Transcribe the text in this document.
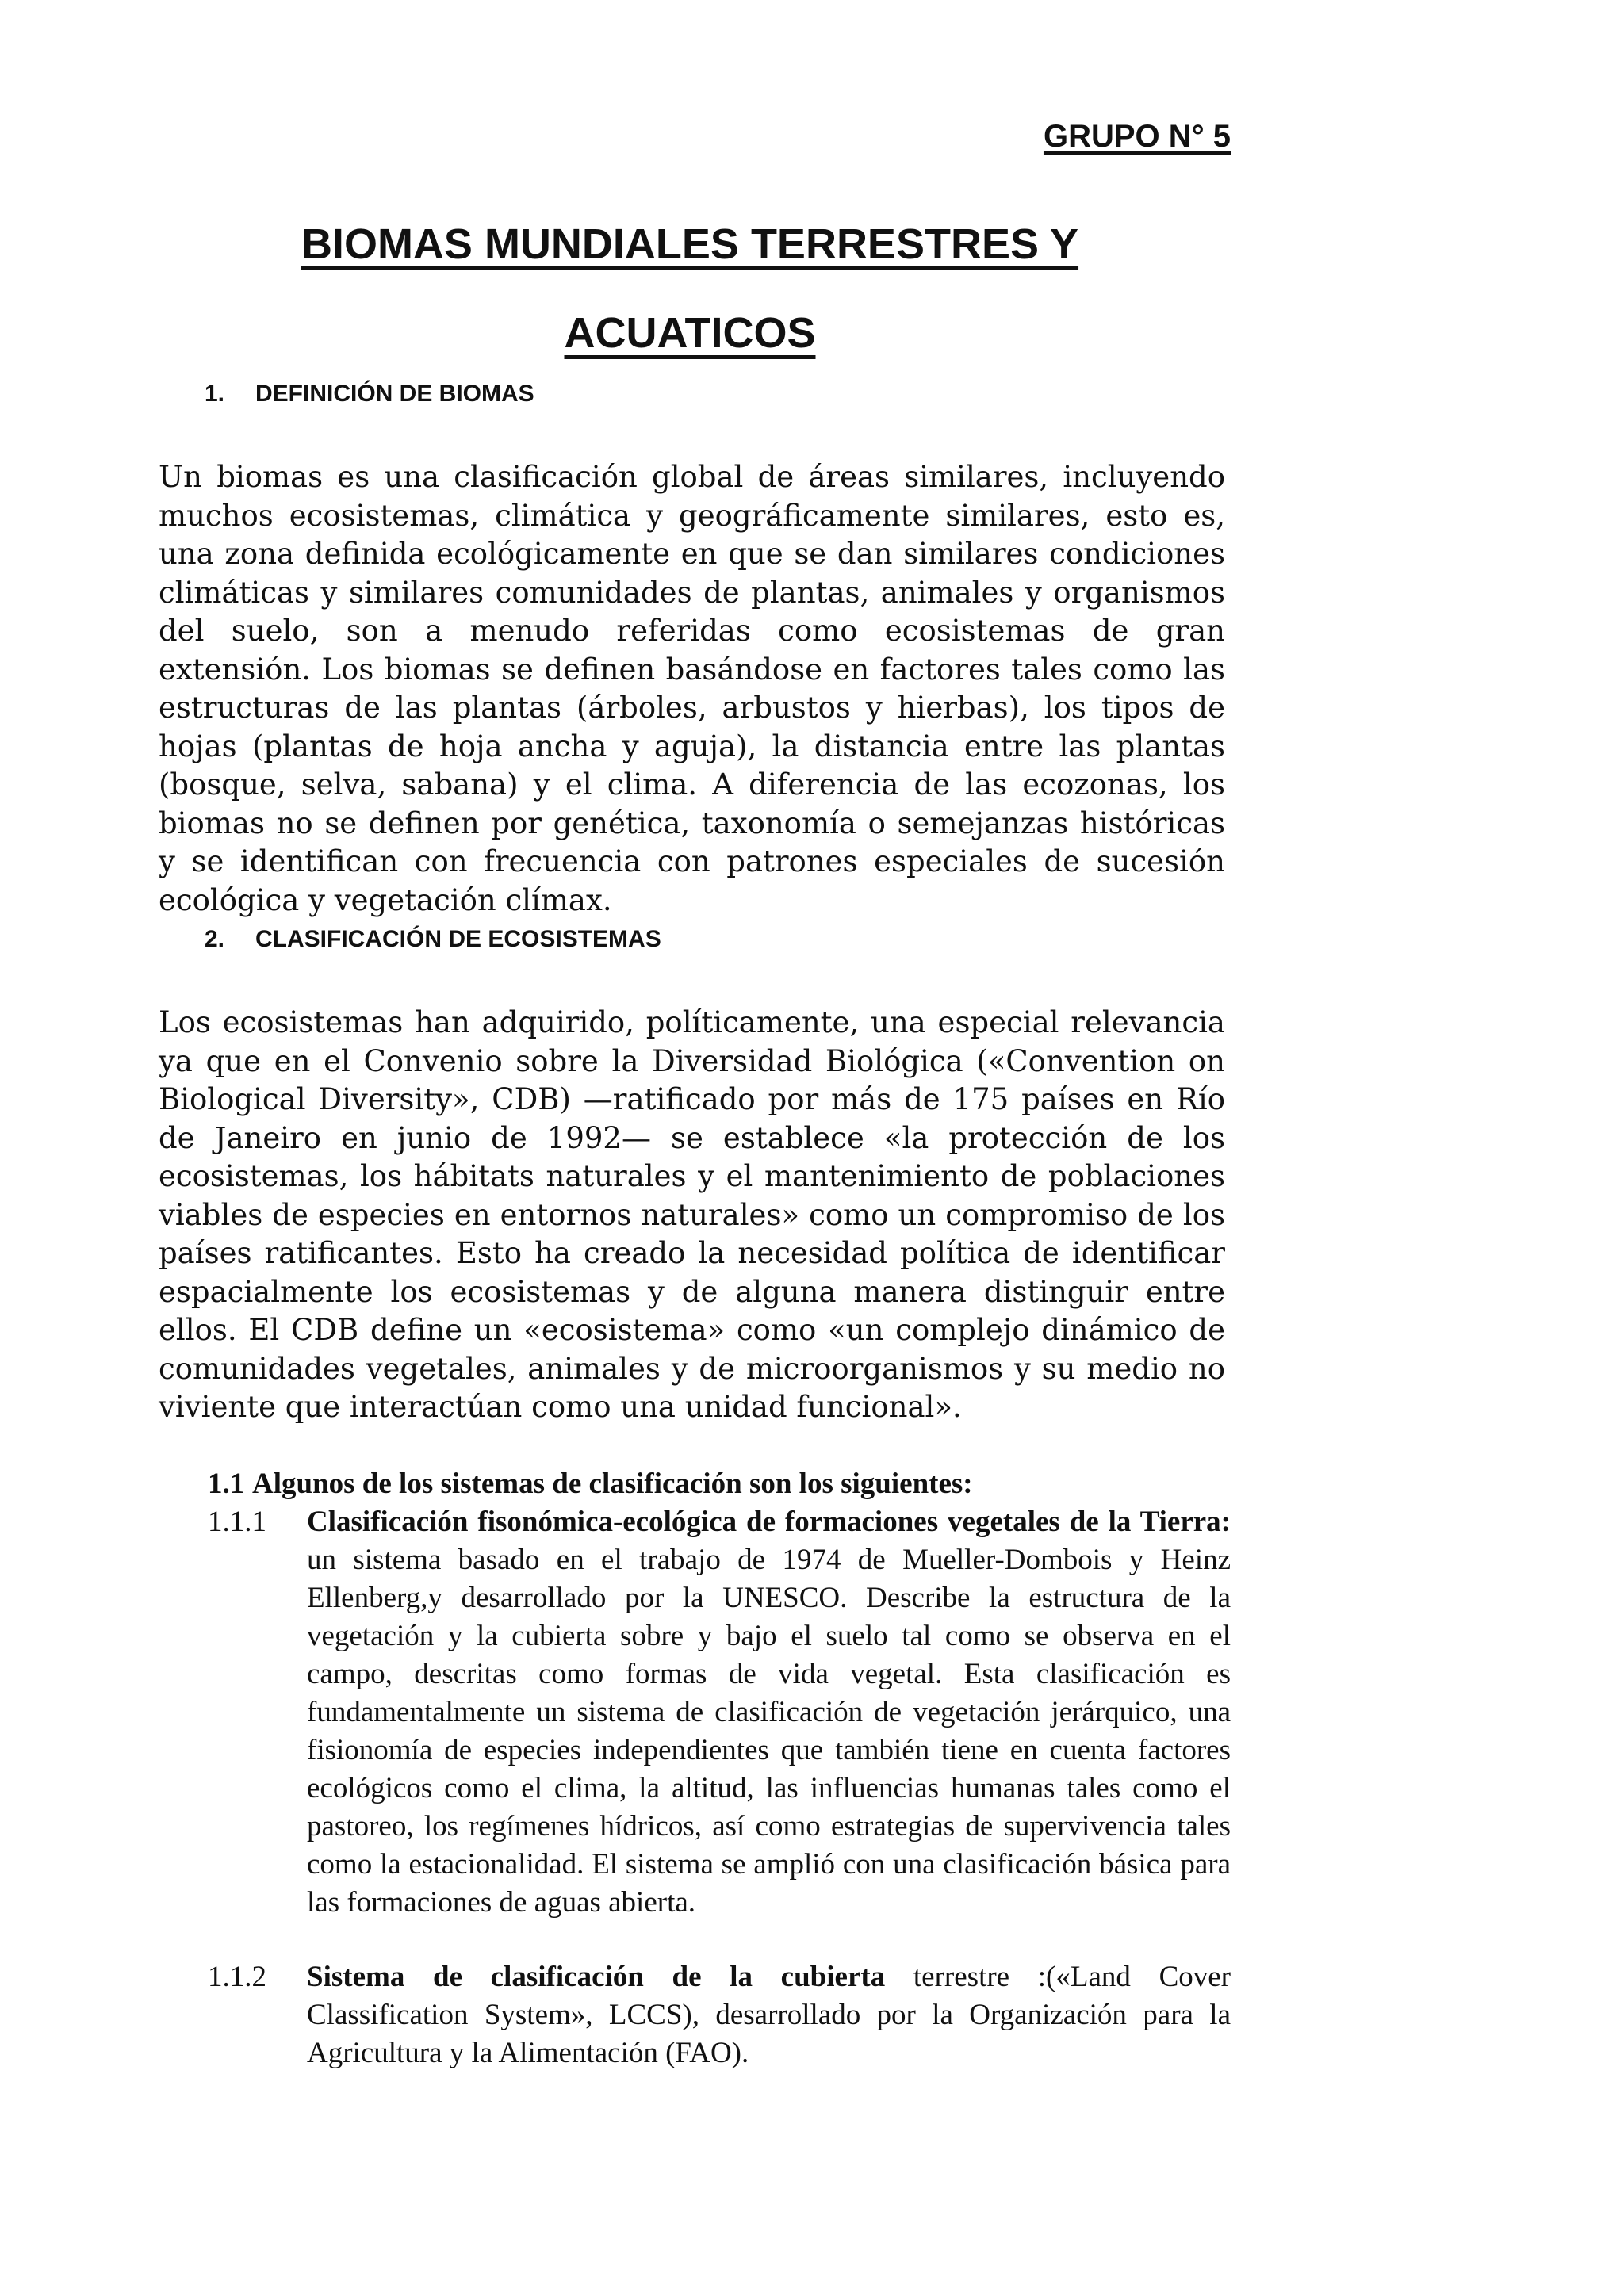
GRUPO N° 5
BIOMAS MUNDIALES TERRESTRES Y
ACUATICOS
1. DEFINICIÓN DE BIOMAS
Un biomas es una clasificación global de áreas similares, incluyendo muchos ecosistemas, climática y geográficamente similares, esto es, una zona definida ecológicamente en que se dan similares condiciones climáticas y similares comunidades de plantas, animales y organismos del suelo, son a menudo referidas como ecosistemas de gran extensión. Los biomas se definen basándose en factores tales como las estructuras de las plantas (árboles, arbustos y hierbas), los tipos de hojas (plantas de hoja ancha y aguja), la distancia entre las plantas (bosque, selva, sabana) y el clima. A diferencia de las ecozonas, los biomas no se definen por genética, taxonomía o semejanzas históricas y se identifican con frecuencia con patrones especiales de sucesión ecológica y vegetación clímax.
2. CLASIFICACIÓN DE ECOSISTEMAS
Los ecosistemas han adquirido, políticamente, una especial relevancia ya que en el Convenio sobre la Diversidad Biológica («Convention on Biological Diversity», CDB) —ratificado por más de 175 países en Río de Janeiro en junio de 1992— se establece «la protección de los ecosistemas, los hábitats naturales y el mantenimiento de poblaciones viables de especies en entornos naturales» como un compromiso de los países ratificantes. Esto ha creado la necesidad política de identificar espacialmente los ecosistemas y de alguna manera distinguir entre ellos. El CDB define un «ecosistema» como «un complejo dinámico de comunidades vegetales, animales y de microorganismos y su medio no viviente que interactúan como una unidad funcional».
1.1 Algunos de los sistemas de clasificación son los siguientes:
1.1.1 Clasificación fisonómica-ecológica de formaciones vegetales de la Tierra: un sistema basado en el trabajo de 1974 de Mueller-Dombois y Heinz Ellenberg,y desarrollado por la UNESCO. Describe la estructura de la vegetación y la cubierta sobre y bajo el suelo tal como se observa en el campo, descritas como formas de vida vegetal. Esta clasificación es fundamentalmente un sistema de clasificación de vegetación jerárquico, una fisionomía de especies independientes que también tiene en cuenta factores ecológicos como el clima, la altitud, las influencias humanas tales como el pastoreo, los regímenes hídricos, así como estrategias de supervivencia tales como la estacionalidad. El sistema se amplió con una clasificación básica para las formaciones de aguas abierta.
1.1.2 Sistema de clasificación de la cubierta terrestre :(«Land Cover Classification System», LCCS), desarrollado por la Organización para la Agricultura y la Alimentación (FAO).
